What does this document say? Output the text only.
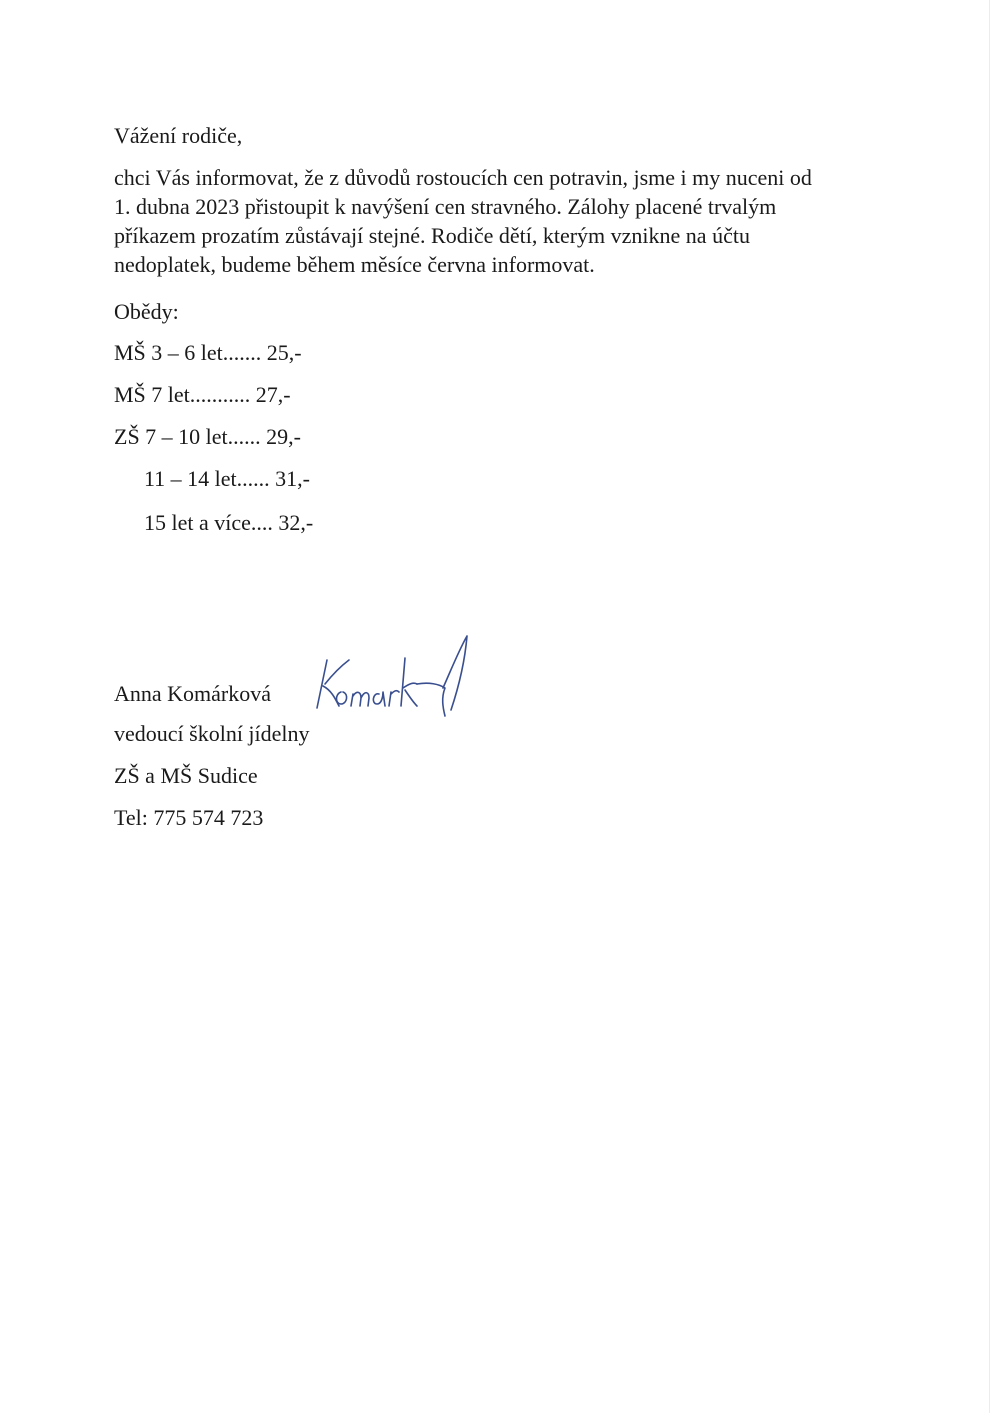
Vážení rodiče,

chci Vás informovat, že z důvodů rostoucích cen potravin, jsme i my nuceni od
1. dubna 2023 přistoupit k navýšení cen stravného. Zálohy placené trvalým
příkazem prozatím zůstávají stejné. Rodiče dětí, kterým vznikne na účtu
nedoplatek, budeme během měsíce června informovat.

Obědy:

MŠ 3 – 6 let....... 25,-
MŠ 7 let........... 27,-
ZŠ 7 – 10 let...... 29,-
11 – 14 let...... 31,-
15 let a více.... 32,-

Anna Komárková

vedoucí školní jídelny

ZŠ a MŠ Sudice

Tel: 775 574 723
